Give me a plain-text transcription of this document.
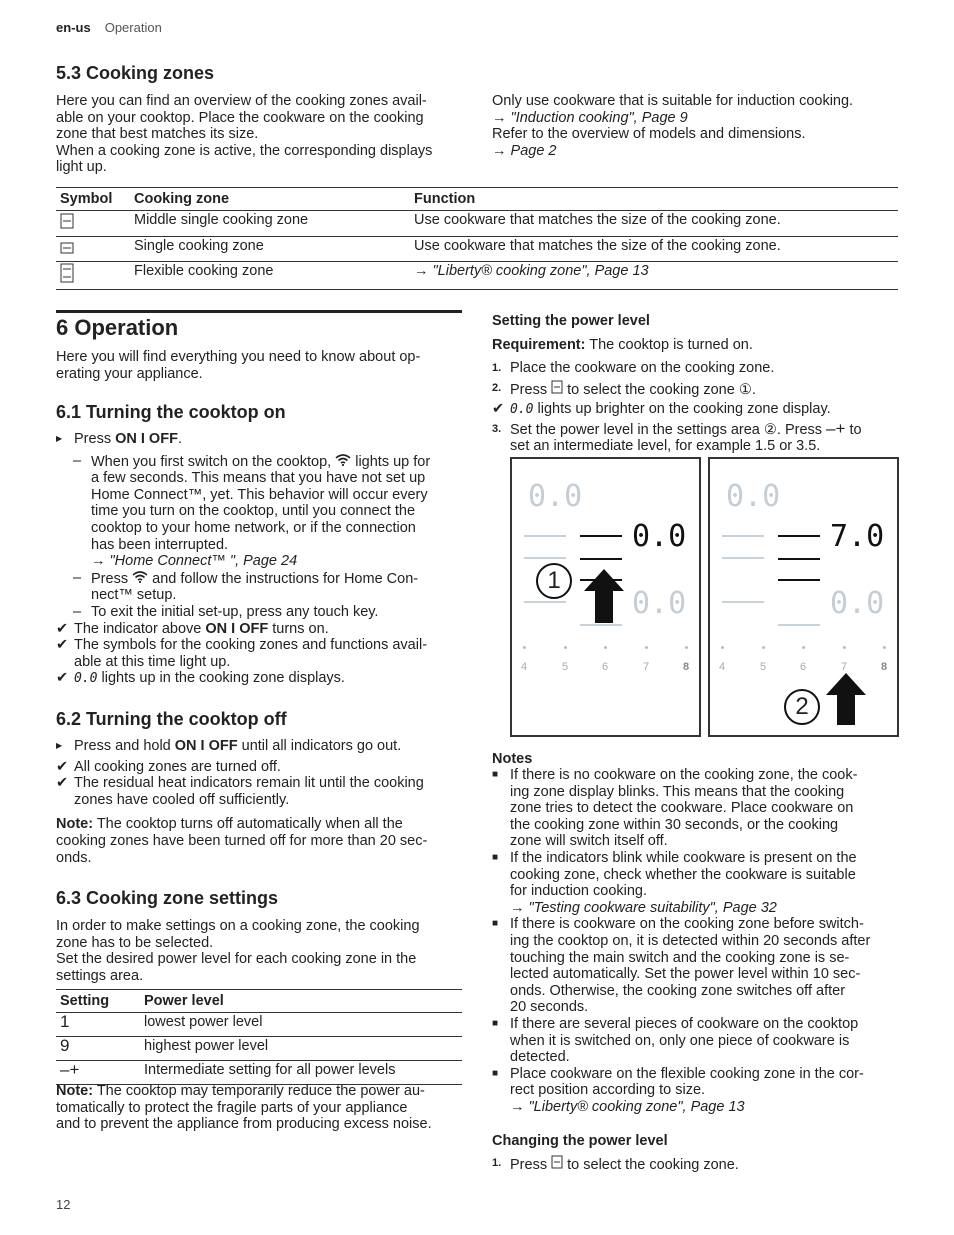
en-us Operation
5.3 Cooking zones

Here you can find an overview of the cooking zones avail-

able on your cooktop. Place the cookware on the cooking

zone that best matches its size.

When a cooking zone is active, the corresponding displays

light up.

Only use cookware that is suitable for induction cooking.

→ "Induction cooking", Page 9

Refer to the overview of models and dimensions.

→ Page 2

Symbol	Cooking zone	Function
	Middle single cooking zone	Use cookware that matches the size of the cooking zone.
	Single cooking zone	Use cookware that matches the size of the cooking zone.
	Flexible cooking zone	→ "Liberty® cooking zone", Page 13
6 Operation

Here you will find everything you need to know about op-

erating your appliance.

6.1 Turning the cooktop on
▶ Press ON I OFF.
– When you first switch on the cooktop, lights up for

a few seconds. This means that you have not set up

Home Connect™, yet. This behavior will occur every

time you turn on the cooktop, until you connect the

cooktop to your home network, or if the connection

has been interrupted.

→ "Home Connect™ ", Page 24

– Press and follow the instructions for Home Con-

nect™ setup.

– To exit the initial set-up, press any touch key.
✔ The indicator above ON I OFF turns on.
✔ The symbols for the cooking zones and functions avail-

able at this time light up.

✔ 0.0 lights up in the cooking zone displays.
6.2 Turning the cooktop off
▶ Press and hold ON I OFF until all indicators go out.
✔ All cooking zones are turned off.
✔ The residual heat indicators remain lit until the cooking

zones have cooled off sufficiently.

Note: The cooktop turns off automatically when all the

cooking zones have been turned off for more than 20 sec-

onds.

6.3 Cooking zone settings

In order to make settings on a cooking zone, the cooking

zone has to be selected.

Set the desired power level for each cooking zone in the

settings area.

Setting	Power level
1	lowest power level
9	highest power level
–+	Intermediate setting for all power levels

Note: The cooktop may temporarily reduce the power au-

tomatically to protect the fragile parts of your appliance

and to prevent the appliance from producing excess noise.

Setting the power level
Requirement: The cooktop is turned on.
1. Place the cookware on the cooking zone.
2. Press to select the cooking zone ①.
✔ 0.0 lights up brighter on the cooking zone display.
3. Set the power level in the settings area ②. Press –+ to

set an intermediate level, for example 1.5 or 3.5.

0.0
0.0
0.0
1
4	5	6	7	8
0.0
7.0
0.0
4	5	6	7	8
2
Notes
■ If there is no cookware on the cooking zone, the cook-

ing zone display blinks. This means that the cooking

zone tries to detect the cookware. Place cookware on

the cooking zone within 30 seconds, or the cooking

zone will switch itself off.

■ If the indicators blink while cookware is present on the

cooking zone, check whether the cookware is suitable

for induction cooking.

→ "Testing cookware suitability", Page 32

■ If there is cookware on the cooking zone before switch-

ing the cooktop on, it is detected within 20 seconds after

touching the main switch and the cooking zone is se-

lected automatically. Set the power level within 10 sec-

onds. Otherwise, the cooking zone switches off after

20 seconds.

■ If there are several pieces of cookware on the cooktop

when it is switched on, only one piece of cookware is

detected.

■ Place cookware on the flexible cooking zone in the cor-

rect position according to size.

→ "Liberty® cooking zone", Page 13

Changing the power level
1. Press to select the cooking zone.
12
